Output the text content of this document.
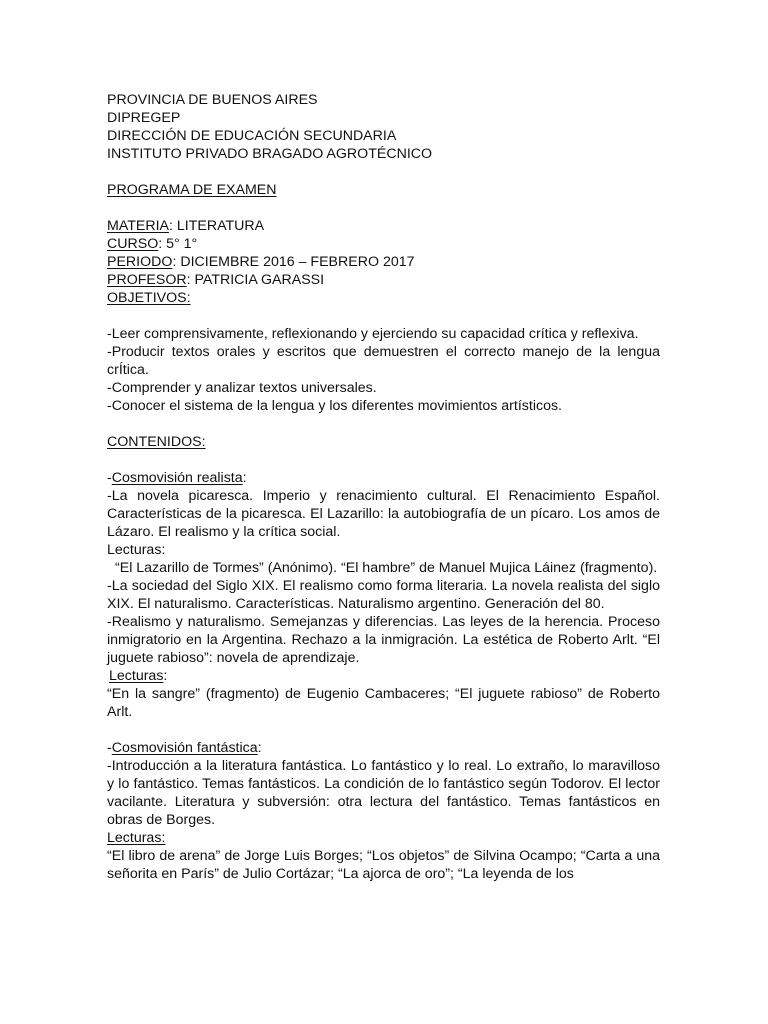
PROVINCIA DE BUENOS AIRES
DIPREGEP
DIRECCIÓN DE EDUCACIÓN SECUNDARIA
INSTITUTO PRIVADO BRAGADO AGROTÉCNICO
PROGRAMA DE EXAMEN
MATERIA: LITERATURA
CURSO: 5° 1°
PERIODO: DICIEMBRE 2016 – FEBRERO 2017
PROFESOR: PATRICIA GARASSI
OBJETIVOS:
-Leer comprensivamente, reflexionando y ejerciendo su capacidad crítica y reflexiva.
-Producir textos orales y escritos que demuestren el correcto manejo de la lengua crÍtica.
-Comprender y analizar textos universales.
-Conocer el sistema de la lengua y los diferentes movimientos artísticos.
CONTENIDOS:
-Cosmovisión realista:
-La novela picaresca. Imperio y renacimiento cultural. El Renacimiento Español. Características de la picaresca. El Lazarillo: la autobiografía de un pícaro. Los amos de Lázaro. El realismo y la crítica social.
Lecturas:
“El Lazarillo de Tormes” (Anónimo). “El hambre” de Manuel Mujica Láinez (fragmento).
-La sociedad del Siglo XIX. El realismo como forma literaria. La novela realista del siglo XIX. El naturalismo. Características. Naturalismo argentino. Generación del 80.
-Realismo y naturalismo. Semejanzas y diferencias. Las leyes de la herencia. Proceso inmigratorio en la Argentina. Rechazo a la inmigración. La estética de Roberto Arlt. “El juguete rabioso”: novela de aprendizaje.
Lecturas:
“En la sangre” (fragmento) de Eugenio Cambaceres; “El juguete rabioso” de Roberto Arlt.
-Cosmovisión fantástica:
-Introducción a la literatura fantástica. Lo fantástico y lo real. Lo extraño, lo maravilloso y lo fantástico. Temas fantásticos. La condición de lo fantástico según Todorov. El lector vacilante. Literatura y subversión: otra lectura del fantástico. Temas fantásticos en obras de Borges.
Lecturas:
“El libro de arena” de Jorge Luis Borges; “Los objetos” de Silvina Ocampo; “Carta a una señorita en París” de Julio Cortázar; “La ajorca de oro”; “La leyenda de los
